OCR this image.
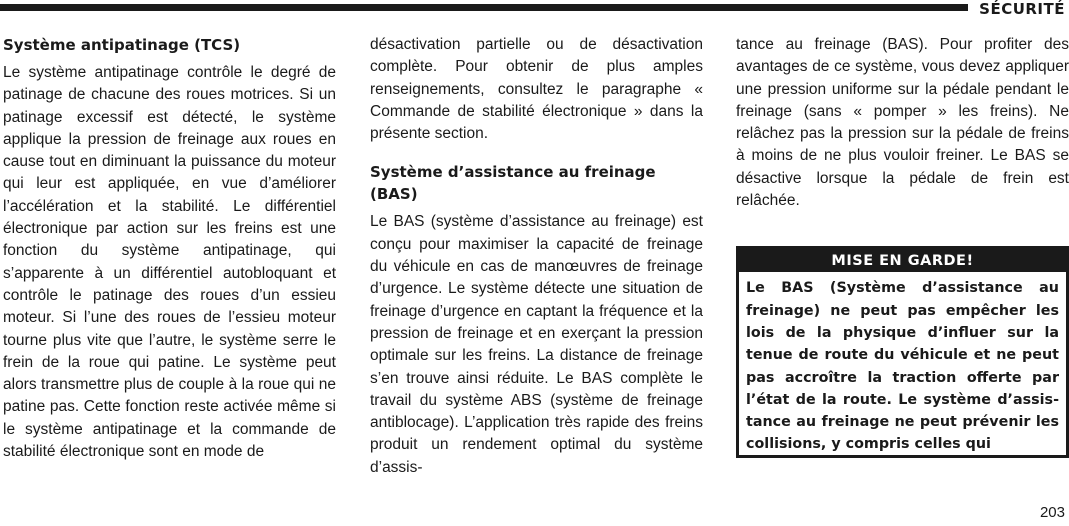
SÉCURITÉ
Système antipatinage (TCS)

Le système antipatinage contrôle le degré de patinage de chacune des roues motrices. Si un patinage excessif est détecté, le système applique la pression de freinage aux roues en cause tout en diminuant la puissance du moteur qui leur est appliquée, en vue d’améliorer l’accélération et la stabilité. Le différentiel électronique par action sur les freins est une fonction du système antipatinage, qui s’apparente à un différentiel autobloquant et contrôle le patinage des roues d’un essieu moteur. Si l’une des roues de l’essieu moteur tourne plus vite que l’autre, le système serre le frein de la roue qui patine. Le système peut alors transmettre plus de couple à la roue qui ne patine pas. Cette fonction reste activée même si le système antipatinage et la commande de stabilité électronique sont en mode de

désactivation partielle ou de désactivation complète. Pour obtenir de plus amples renseignements, consultez le paragraphe « Commande de stabilité électronique » dans la présente section.

Système d’assistance au freinage (BAS)

Le BAS (système d’assistance au freinage) est conçu pour maximiser la capacité de freinage du véhicule en cas de manœuvres de freinage d’urgence. Le système détecte une situation de freinage d’urgence en captant la fréquence et la pression de freinage et en exerçant la pression optimale sur les freins. La distance de freinage s’en trouve ainsi réduite. Le BAS complète le travail du système ABS (système de freinage antiblocage). L’application très rapide des freins produit un rendement optimal du système d’assis-

tance au freinage (BAS). Pour profiter des avantages de ce système, vous devez appliquer une pression uniforme sur la pédale pendant le freinage (sans « pomper » les freins). Ne relâchez pas la pression sur la pédale de freins à moins de ne plus vouloir freiner. Le BAS se désactive lorsque la pédale de frein est relâchée.

MISE EN GARDE!
Le BAS (Système d’assistance au freinage) ne peut pas empêcher les lois de la physique d’influer sur la tenue de route du véhicule et ne peut pas accroître la traction offerte par l’état de la route. Le système d’assistance au freinage ne peut prévenir les collisions, y compris celles qui
203
